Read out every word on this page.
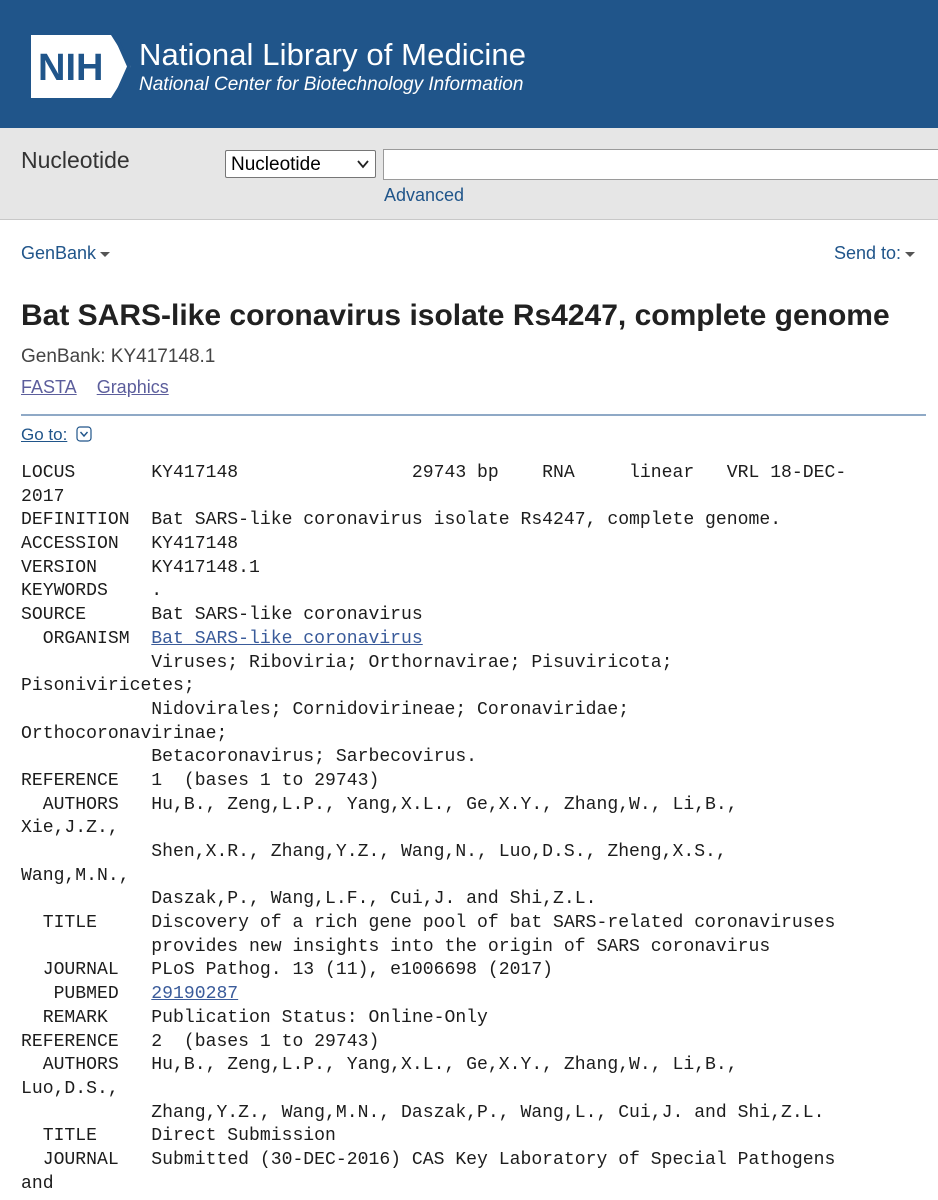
NIH National Library of Medicine
National Center for Biotechnology Information
Nucleotide	Nucleotide
Advanced
GenBank	Send to:
Bat SARS-like coronavirus isolate Rs4247, complete genome
GenBank: KY417148.1
FASTA Graphics
Go to:
LOCUS       KY417148                29743 bp    RNA     linear   VRL 18-DEC-
2017
DEFINITION  Bat SARS-like coronavirus isolate Rs4247, complete genome.
ACCESSION   KY417148
VERSION     KY417148.1
KEYWORDS    .
SOURCE      Bat SARS-like coronavirus
ORGANISM  Bat SARS-like coronavirus
Viruses; Riboviria; Orthornavirae; Pisuviricota;
Pisoniviricetes;
Nidovirales; Cornidovirineae; Coronaviridae;
Orthocoronavirinae;
Betacoronavirus; Sarbecovirus.
REFERENCE   1  (bases 1 to 29743)
AUTHORS   Hu,B., Zeng,L.P., Yang,X.L., Ge,X.Y., Zhang,W., Li,B.,
Xie,J.Z.,
Shen,X.R., Zhang,Y.Z., Wang,N., Luo,D.S., Zheng,X.S.,
Wang,M.N.,
Daszak,P., Wang,L.F., Cui,J. and Shi,Z.L.
TITLE     Discovery of a rich gene pool of bat SARS-related coronaviruses
provides new insights into the origin of SARS coronavirus
JOURNAL   PLoS Pathog. 13 (11), e1006698 (2017)
PUBMED   29190287
REMARK    Publication Status: Online-Only
REFERENCE   2  (bases 1 to 29743)
AUTHORS   Hu,B., Zeng,L.P., Yang,X.L., Ge,X.Y., Zhang,W., Li,B.,
Luo,D.S.,
Zhang,Y.Z., Wang,M.N., Daszak,P., Wang,L., Cui,J. and Shi,Z.L.
TITLE     Direct Submission
JOURNAL   Submitted (30-DEC-2016) CAS Key Laboratory of Special Pathogens
and
